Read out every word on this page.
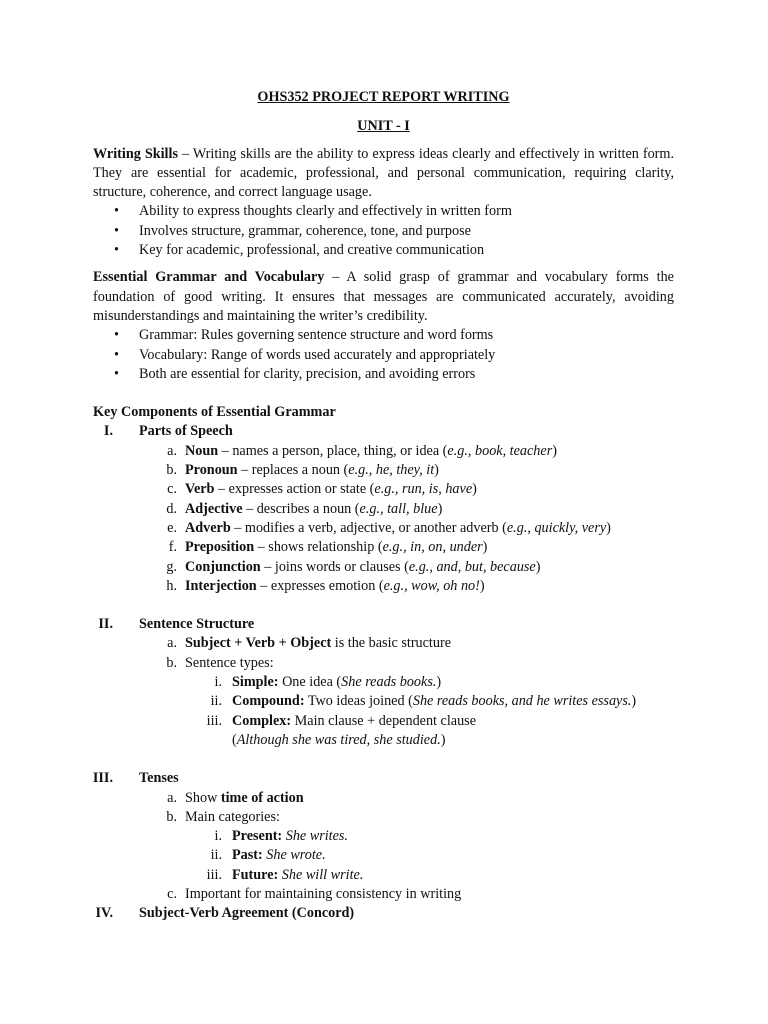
OHS352 PROJECT REPORT WRITING
UNIT - I

Writing Skills – Writing skills are the ability to express ideas clearly and effectively in written form. They are essential for academic, professional, and personal communication, requiring clarity, structure, coherence, and correct language usage.

• Ability to express thoughts clearly and effectively in written form
• Involves structure, grammar, coherence, tone, and purpose
• Key for academic, professional, and creative communication

Essential Grammar and Vocabulary – A solid grasp of grammar and vocabulary forms the foundation of good writing. It ensures that messages are communicated accurately, avoiding misunderstandings and maintaining the writer’s credibility.

• Grammar: Rules governing sentence structure and word forms
• Vocabulary: Range of words used accurately and appropriately
• Both are essential for clarity, precision, and avoiding errors
Key Components of Essential Grammar
I.	Parts of Speech
a. Noun – names a person, place, thing, or idea (e.g., book, teacher)
b. Pronoun – replaces a noun (e.g., he, they, it)
c. Verb – expresses action or state (e.g., run, is, have)
d. Adjective – describes a noun (e.g., tall, blue)
e. Adverb – modifies a verb, adjective, or another adverb (e.g., quickly, very)
f. Preposition – shows relationship (e.g., in, on, under)
g. Conjunction – joins words or clauses (e.g., and, but, because)
h. Interjection – expresses emotion (e.g., wow, oh no!)
II.	Sentence Structure
a. Subject + Verb + Object is the basic structure
b. Sentence types:
i. Simple: One idea (She reads books.)
ii. Compound: Two ideas joined (She reads books, and he writes essays.)
iii. Complex: Main clause + dependent clause (Although she was tired, she studied.)
III.	Tenses
a. Show time of action
b. Main categories:
i. Present: She writes.
ii. Past: She wrote.
iii. Future: She will write.
c. Important for maintaining consistency in writing
IV.	Subject-Verb Agreement (Concord)
